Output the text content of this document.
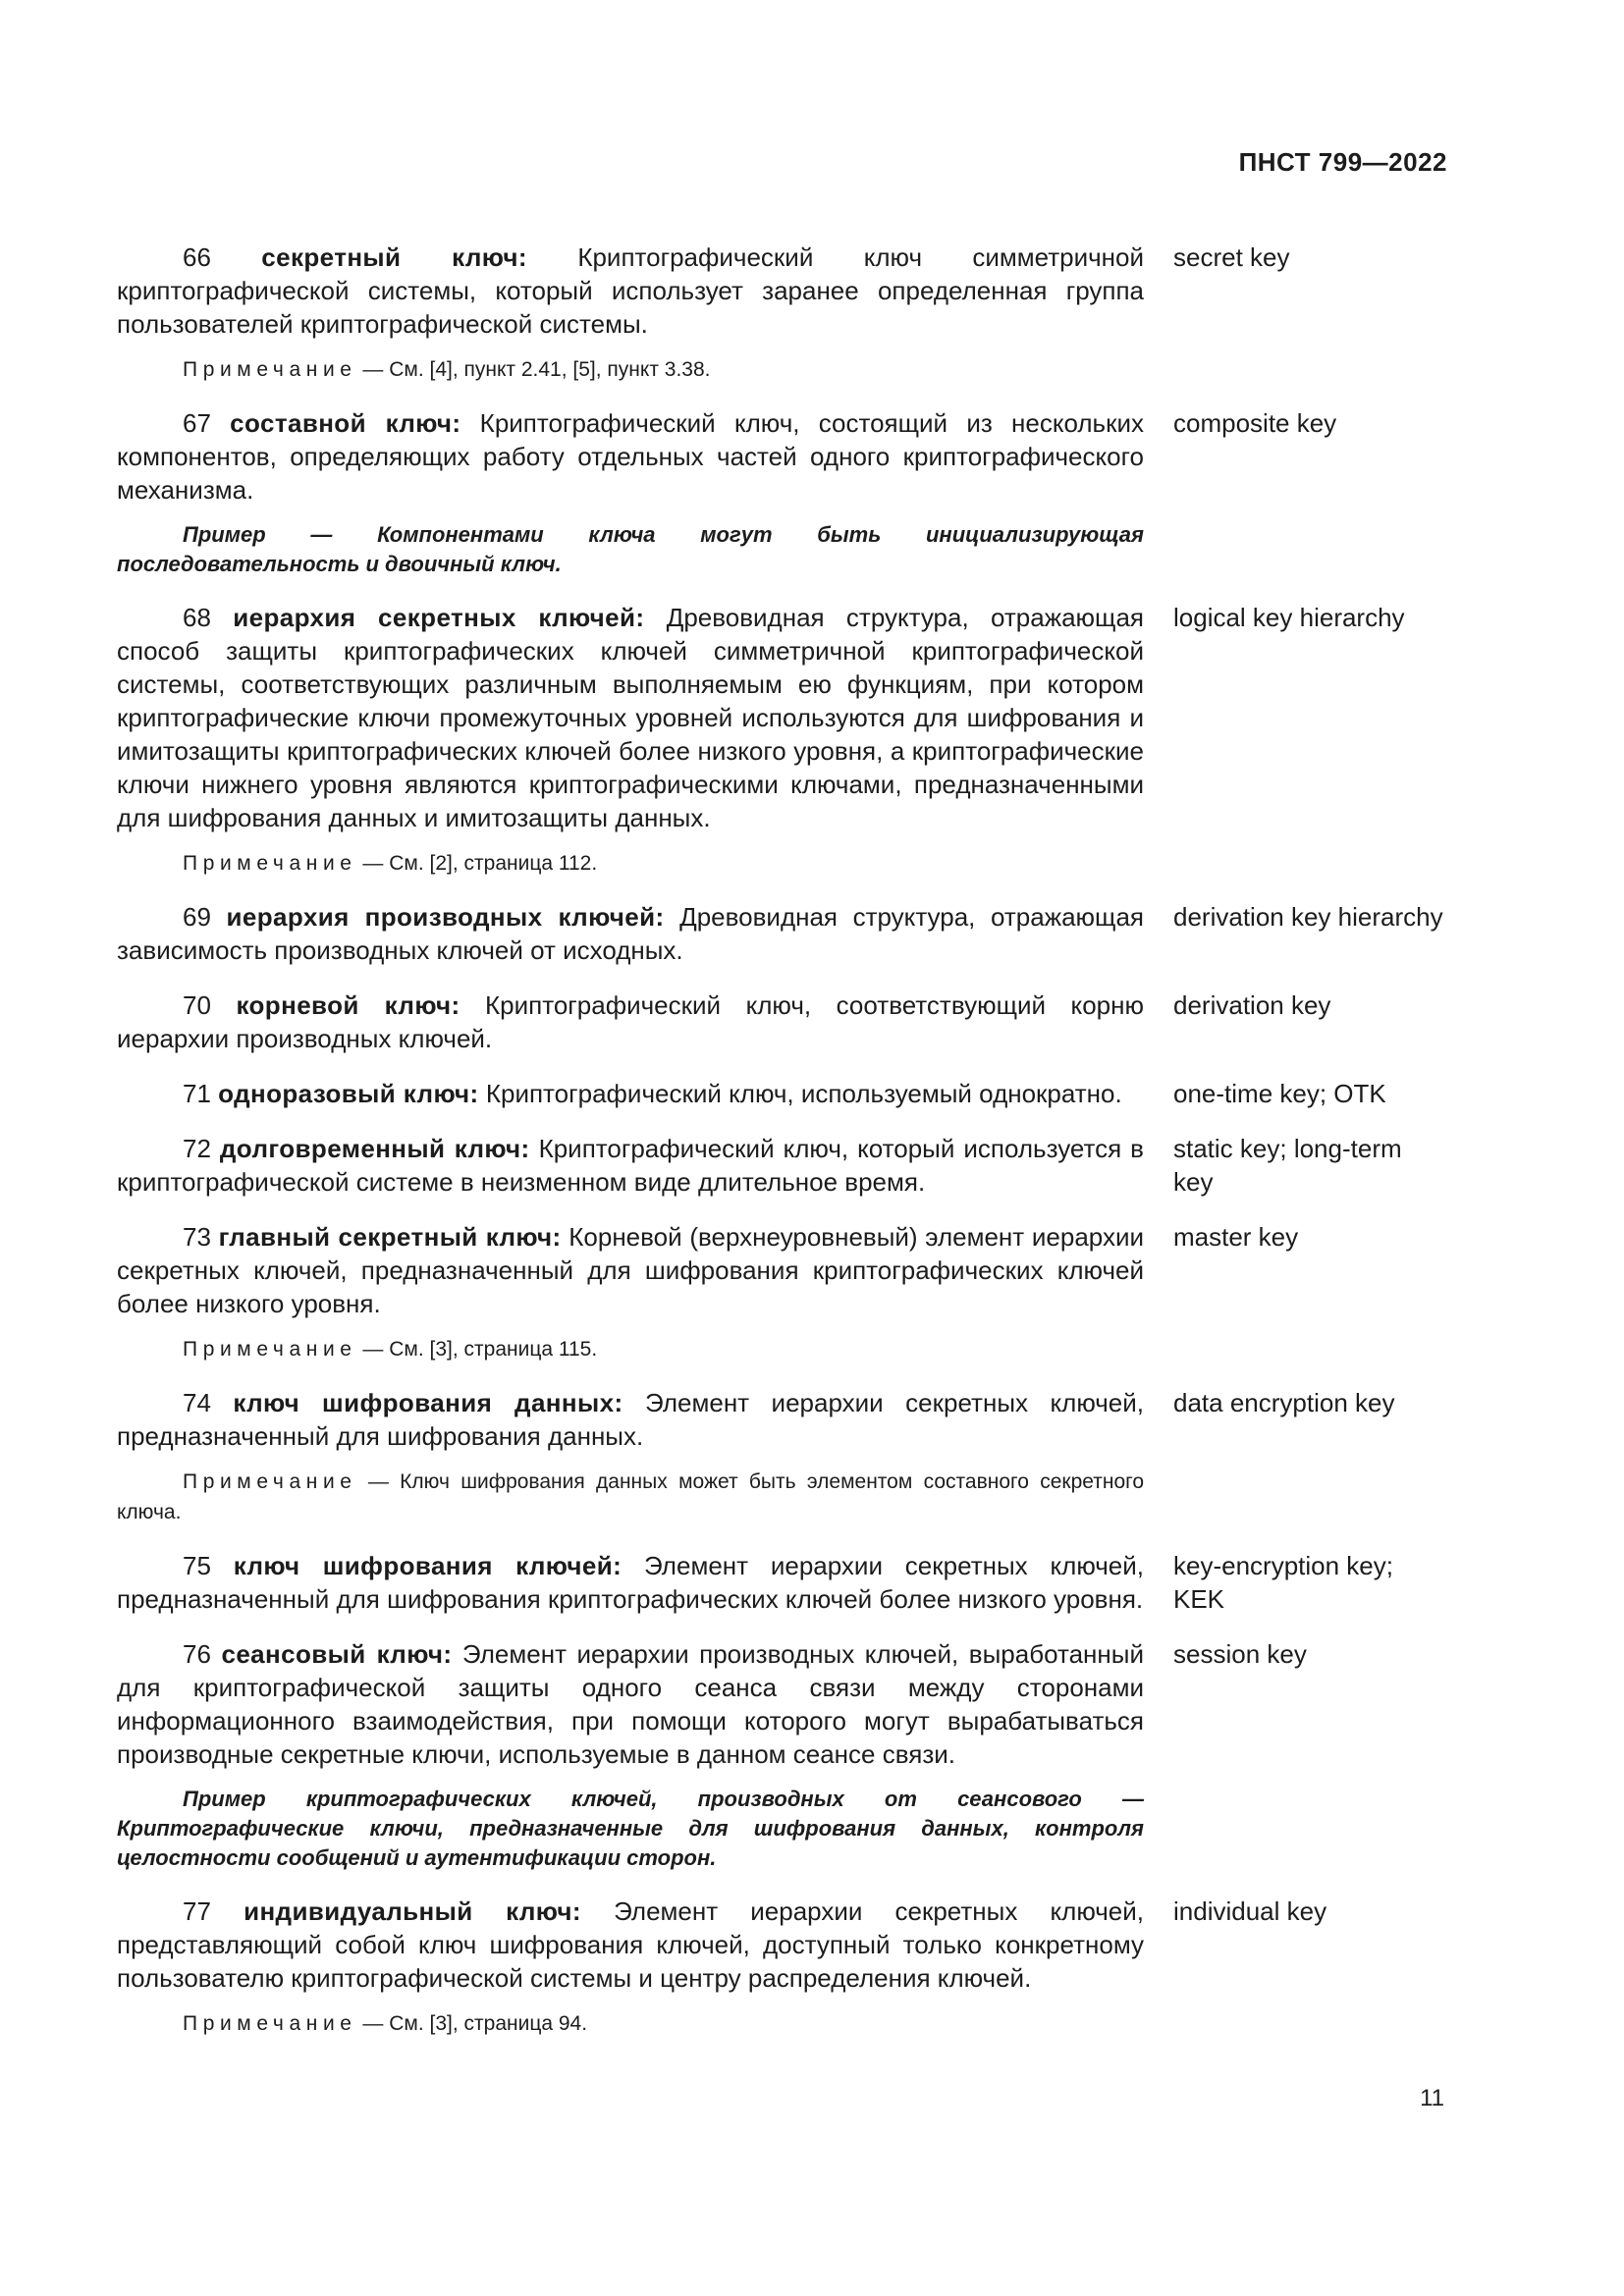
ПНСТ 799—2022
66 секретный ключ: Криптографический ключ симметричной криптографической системы, который использует заранее определенная группа пользователей криптографической системы.
secret key
Примечание — См. [4], пункт 2.41, [5], пункт 3.38.
67 составной ключ: Криптографический ключ, состоящий из нескольких компонентов, определяющих работу отдельных частей одного криптографического механизма.
composite key
Пример — Компонентами ключа могут быть инициализирующая последовательность и двоичный ключ.
68 иерархия секретных ключей: Древовидная структура, отражающая способ защиты криптографических ключей симметричной криптографической системы, соответствующих различным выполняемым ею функциям, при котором криптографические ключи промежуточных уровней используются для шифрования и имитозащиты криптографических ключей более низкого уровня, а криптографические ключи нижнего уровня являются криптографическими ключами, предназначенными для шифрования данных и имитозащиты данных.
logical key hierarchy
Примечание — См. [2], страница 112.
69 иерархия производных ключей: Древовидная структура, отражающая зависимость производных ключей от исходных.
derivation key hierarchy
70 корневой ключ: Криптографический ключ, соответствующий корню иерархии производных ключей.
derivation key
71 одноразовый ключ: Криптографический ключ, используемый однократно.	one-time key; OTK
72 долговременный ключ: Криптографический ключ, который используется в криптографической системе в неизменном виде длительное время.
static key; long-term key
73 главный секретный ключ: Корневой (верхнеуровневый) элемент иерархии секретных ключей, предназначенный для шифрования криптографических ключей более низкого уровня.
master key
Примечание — См. [3], страница 115.
74 ключ шифрования данных: Элемент иерархии секретных ключей, предназначенный для шифрования данных.
data encryption key
Примечание — Ключ шифрования данных может быть элементом составного секретного ключа.
75 ключ шифрования ключей: Элемент иерархии секретных ключей, предназначенный для шифрования криптографических ключей более низкого уровня.
key-encryption key; KEK
76 сеансовый ключ: Элемент иерархии производных ключей, выработанный для криптографической защиты одного сеанса связи между сторонами информационного взаимодействия, при помощи которого могут вырабатываться производные секретные ключи, используемые в данном сеансе связи.
session key
Пример криптографических ключей, производных от сеансового — Криптографические ключи, предназначенные для шифрования данных, контроля целостности сообщений и аутентификации сторон.
77 индивидуальный ключ: Элемент иерархии секретных ключей, представляющий собой ключ шифрования ключей, доступный только конкретному пользователю криптографической системы и центру распределения ключей.
individual key
Примечание — См. [3], страница 94.
11
